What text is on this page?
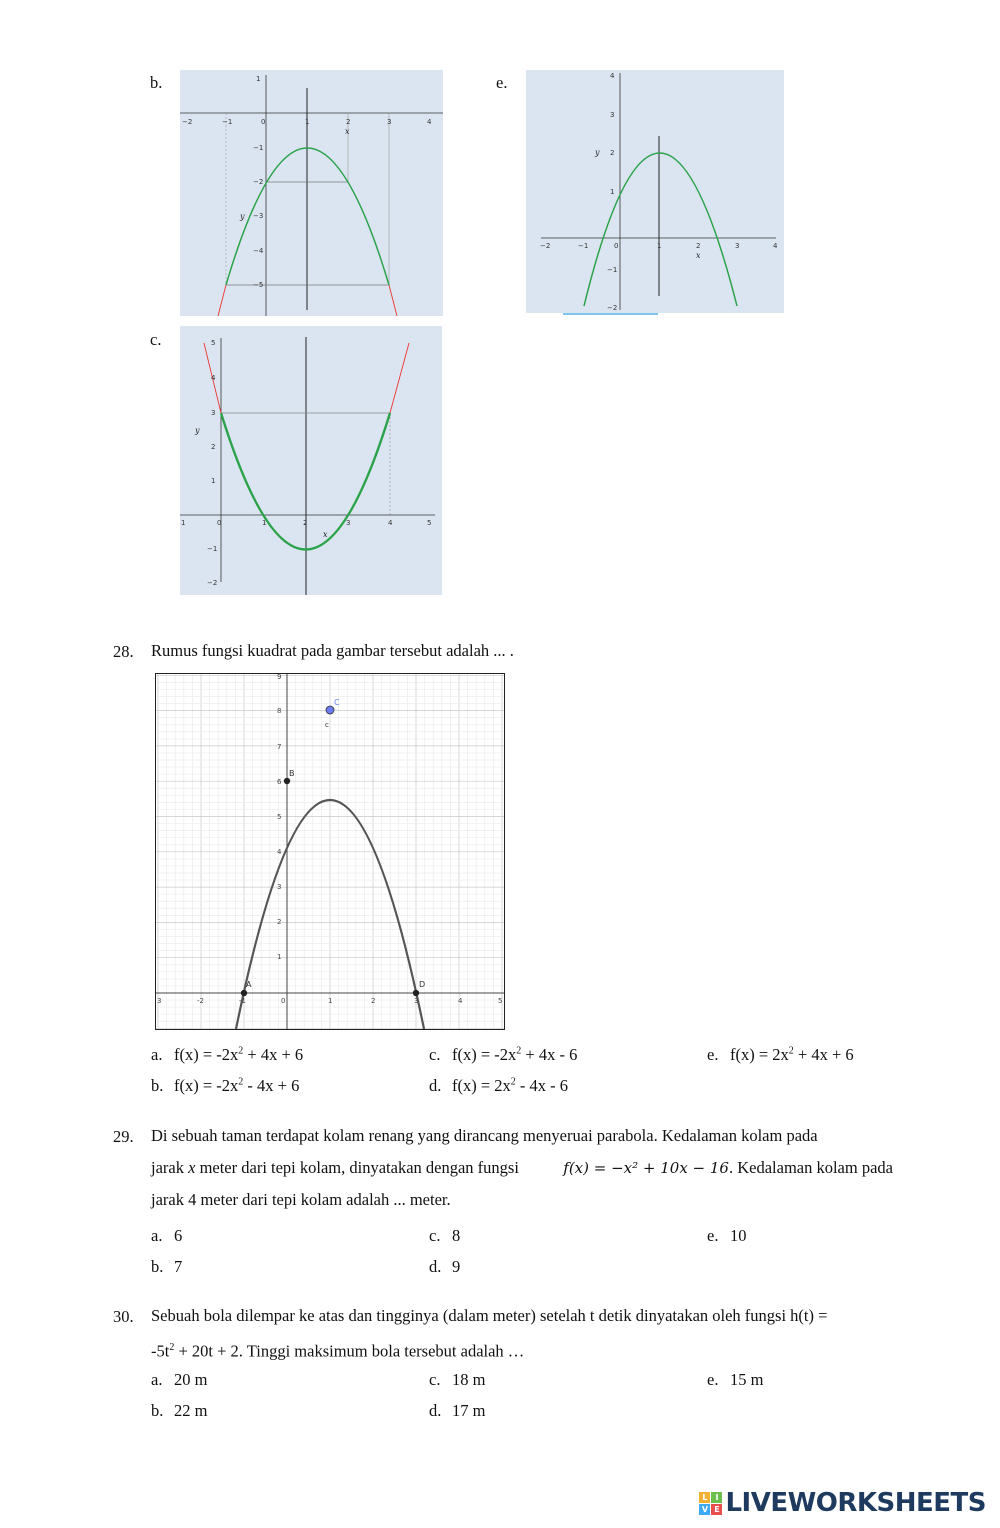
b.
−2	−1	0	1	2	3	4
x
1
−1
−2
−3
−4
−5
y
e.
−2	−1	0	1	2	3	4
x
4
3
2
1
−1
−2
y
c.
1	0	1	2	3	4	5
x
5
4
3
2
1
−1
−2
y
28. Rumus fungsi kuadrat pada gambar tersebut adalah ... .
3	-2	-1	0	1	2	3	4	5
9
8
7
6
5
4
3
2
1
A
B
C
c
D
a. $f(x) = -2x^2 + 4x + 6$
b. $f(x) = -2x^2 - 4x + 6$
c. $f(x) = -2x^2 + 4x - 6$
d. $f(x) = 2x^2 - 4x - 6$
e. $f(x) = 2x^2 + 4x + 6$
29. Di sebuah taman terdapat kolam renang yang dirancang menyeruai parabola. Kedalaman kolam pada
jarak x meter dari tepi kolam, dinyatakan dengan fungsi	f(x) = −x² + 10x − 16. Kedalaman kolam pada
jarak 4 meter dari tepi kolam adalah ... meter.
a. 6
b. 7
c. 8
d. 9
e. 10
30. Sebuah bola dilempar ke atas dan tingginya (dalam meter) setelah t detik dinyatakan oleh fungsi h(t) =
$-5t^2 + 20t + 2$. Tinggi maksimum bola tersebut adalah …
a. 20 m
b. 22 m
c. 18 m
d. 17 m
e. 15 m
L I
V E LIVEWORKSHEETS
